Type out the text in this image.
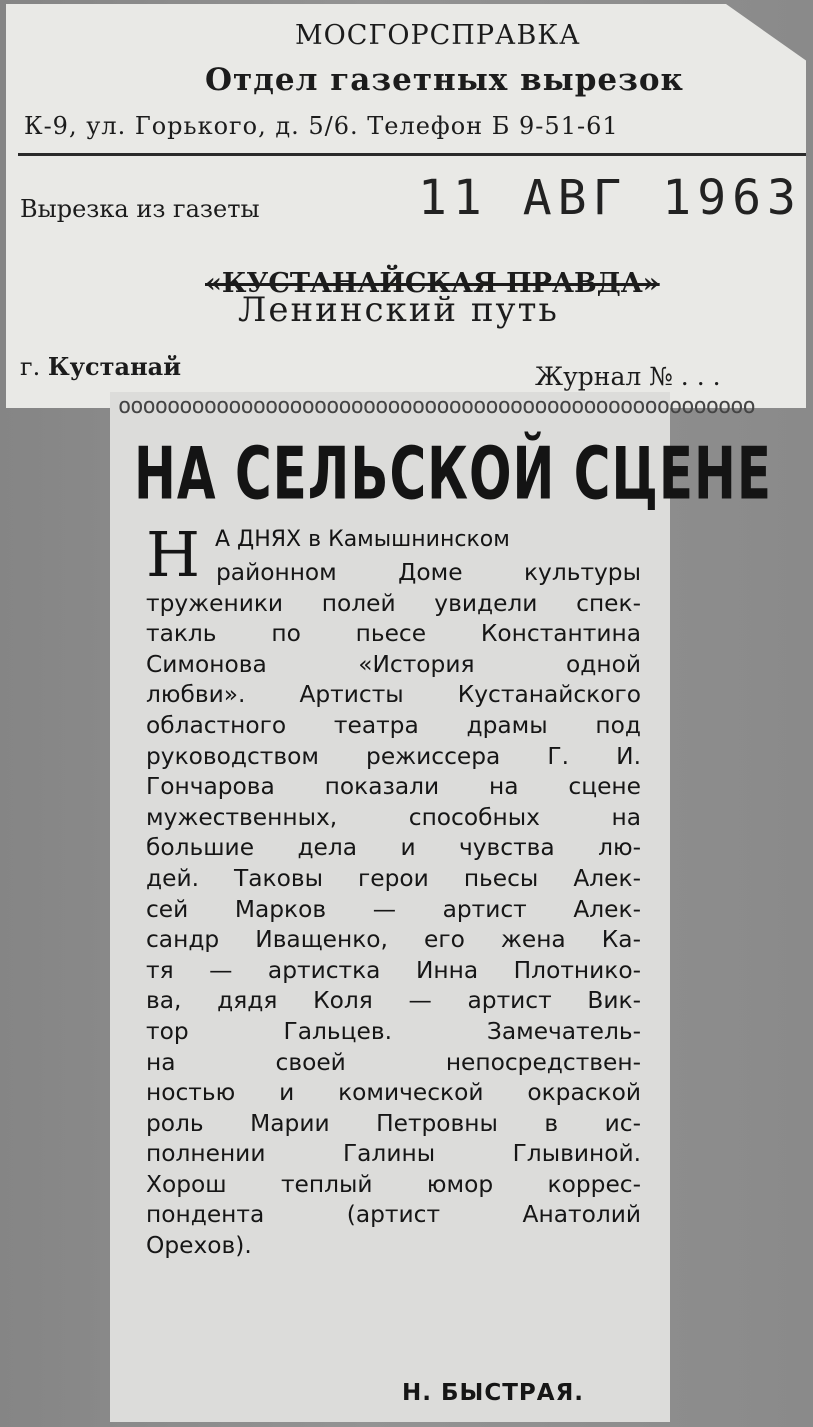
МОСГОРСПРАВКА
Отдел газетных вырезок
К-9, ул. Горького, д. 5/6. Телефон Б 9-51-61
Вырезка из газеты	11 АВГ 1963
«КУСТАНАЙСКАЯ ПРАВДА»
Ленинский путь
г. Кустанай	Журнал № . . .
oooooooooooooooooooooooooooooooooooooooooooooooooooo
НА СЕЛЬСКОЙ СЦЕНЕ
Н А ДНЯХ в Камышнинском
районном Доме культуры
труженики полей увидели спек-
такль по пьесе Константина
Симонова «История одной
любви». Артисты Кустанайского
областного театра драмы под
руководством режиссера Г. И.
Гончарова показали на сцене
мужественных, способных на
большие дела и чувства лю-
дей. Таковы герои пьесы Алек-
сей Марков — артист Алек-
сандр Иващенко, его жена Ка-
тя — артистка Инна Плотнико-
ва, дядя Коля — артист Вик-
тор Гальцев. Замечатель-
на своей непосредствен-
ностью и комической окраской
роль Марии Петровны в ис-
полнении Галины Глывиной.
Хорош теплый юмор коррес-
пондента (артист Анатолий
Орехов).
Н. БЫСТРАЯ.
